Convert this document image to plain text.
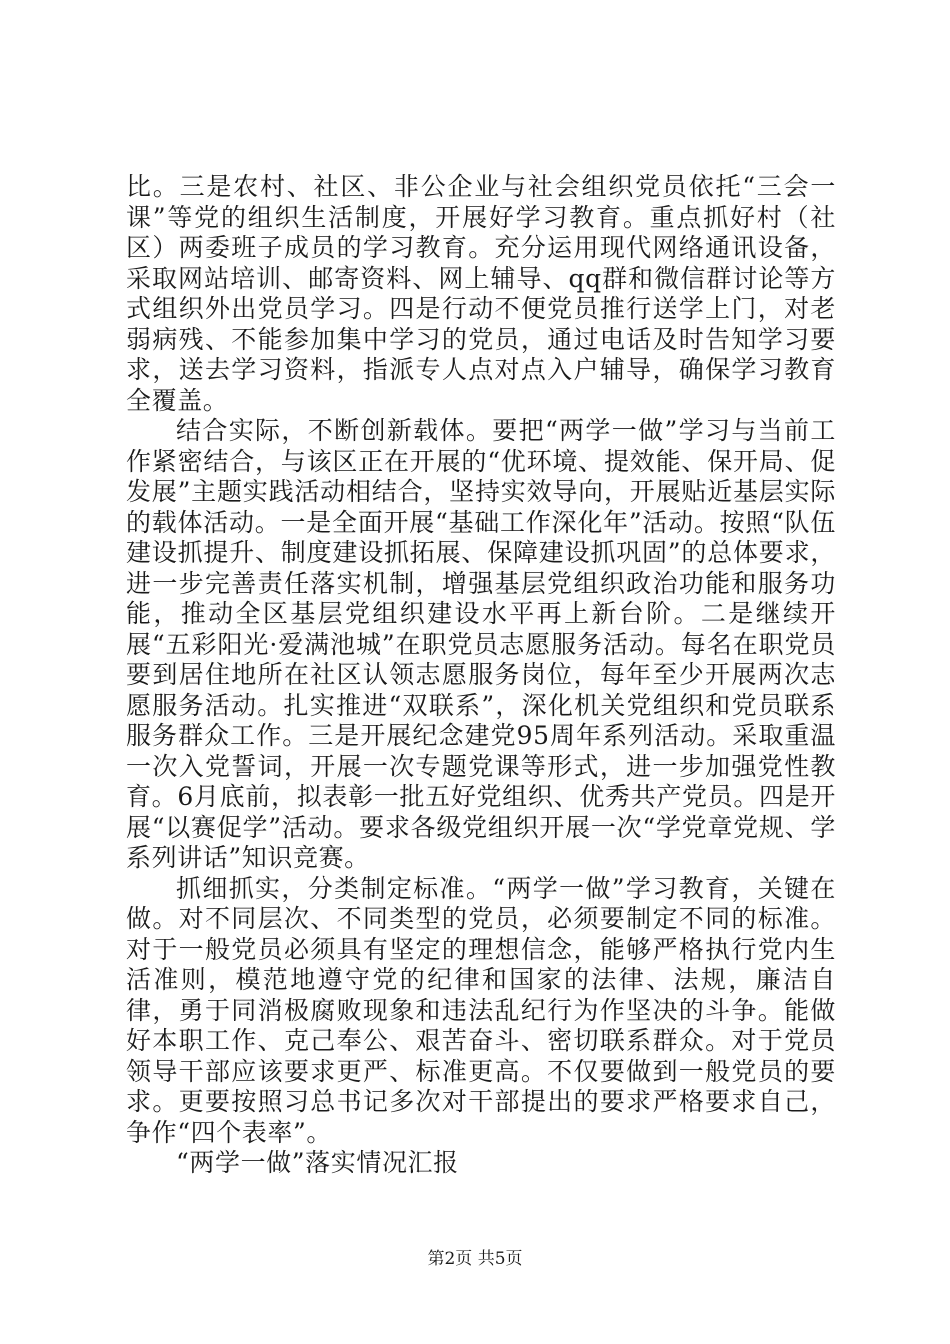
比。三是农村、社区、非公企业与社会组织党员依托“三会一课”等党的组织生活制度，开展好学习教育。重点抓好村（社区）两委班子成员的学习教育。充分运用现代网络通讯设备，采取网站培训、邮寄资料、网上辅导、qq群和微信群讨论等方式组织外出党员学习。四是行动不便党员推行送学上门，对老弱病残、不能参加集中学习的党员，通过电话及时告知学习要求，送去学习资料，指派专人点对点入户辅导，确保学习教育全覆盖。

结合实际，不断创新载体。要把“两学一做”学习与当前工作紧密结合，与该区正在开展的“优环境、提效能、保开局、促发展”主题实践活动相结合，坚持实效导向，开展贴近基层实际的载体活动。一是全面开展“基础工作深化年”活动。按照“队伍建设抓提升、制度建设抓拓展、保障建设抓巩固”的总体要求，进一步完善责任落实机制，增强基层党组织政治功能和服务功能，推动全区基层党组织建设水平再上新台阶。二是继续开展“五彩阳光·爱满池城”在职党员志愿服务活动。每名在职党员要到居住地所在社区认领志愿服务岗位，每年至少开展两次志愿服务活动。扎实推进“双联系”，深化机关党组织和党员联系服务群众工作。三是开展纪念建党95周年系列活动。采取重温一次入党誓词，开展一次专题党课等形式，进一步加强党性教育。6月底前，拟表彰一批五好党组织、优秀共产党员。四是开展“以赛促学”活动。要求各级党组织开展一次“学党章党规、学系列讲话”知识竞赛。

抓细抓实，分类制定标准。“两学一做”学习教育，关键在做。对不同层次、不同类型的党员，必须要制定不同的标准。对于一般党员必须具有坚定的理想信念，能够严格执行党内生活准则，模范地遵守党的纪律和国家的法律、法规，廉洁自律，勇于同消极腐败现象和违法乱纪行为作坚决的斗争。能做好本职工作、克己奉公、艰苦奋斗、密切联系群众。对于党员领导干部应该要求更严、标准更高。不仅要做到一般党员的要求。更要按照习总书记多次对干部提出的要求严格要求自己，争作“四个表率”。

“两学一做”落实情况汇报

第2页 共5页
